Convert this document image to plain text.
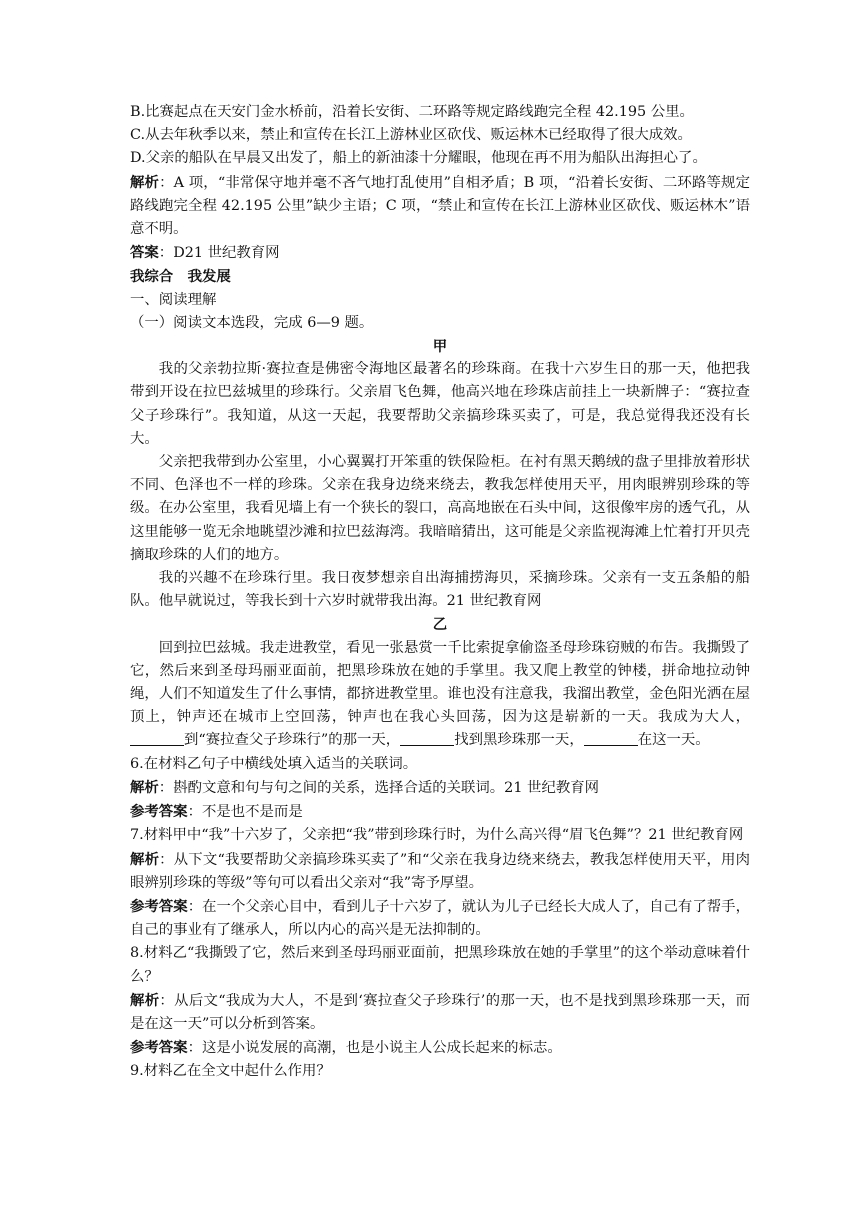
B.比赛起点在天安门金水桥前，沿着长安街、二环路等规定路线跑完全程 42.195 公里。

C.从去年秋季以来，禁止和宣传在长江上游林业区砍伐、贩运林木已经取得了很大成效。

D.父亲的船队在早晨又出发了，船上的新油漆十分耀眼，他现在再不用为船队出海担心了。

解析：A 项，“非常保守地并毫不吝气地打乱使用”自相矛盾；B 项，“沿着长安街、二环路等规定路线跑完全程 42.195 公里”缺少主语；C 项，“禁止和宣传在长江上游林业区砍伐、贩运林木”语意不明。

答案：D21 世纪教育网

我综合　我发展

一、阅读理解

（一）阅读文本选段，完成 6—9 题。

甲

我的父亲勃拉斯·赛拉查是佛密令海地区最著名的珍珠商。在我十六岁生日的那一天，他把我带到开设在拉巴兹城里的珍珠行。父亲眉飞色舞，他高兴地在珍珠店前挂上一块新牌子：“赛拉查父子珍珠行”。我知道，从这一天起，我要帮助父亲搞珍珠买卖了，可是，我总觉得我还没有长大。

父亲把我带到办公室里，小心翼翼打开笨重的铁保险柜。在衬有黑天鹅绒的盘子里排放着形状不同、色泽也不一样的珍珠。父亲在我身边绕来绕去，教我怎样使用天平，用肉眼辨别珍珠的等级。在办公室里，我看见墙上有一个狭长的裂口，高高地嵌在石头中间，这很像牢房的透气孔，从这里能够一览无余地眺望沙滩和拉巴兹海湾。我暗暗猜出，这可能是父亲监视海滩上忙着打开贝壳摘取珍珠的人们的地方。

我的兴趣不在珍珠行里。我日夜梦想亲自出海捕捞海贝，采摘珍珠。父亲有一支五条船的船队。他早就说过，等我长到十六岁时就带我出海。21 世纪教育网

乙

回到拉巴兹城。我走进教堂，看见一张悬赏一千比索捉拿偷盗圣母珍珠窃贼的布告。我撕毁了它，然后来到圣母玛丽亚面前，把黑珍珠放在她的手掌里。我又爬上教堂的钟楼，拼命地拉动钟绳，人们不知道发生了什么事情，都挤进教堂里。谁也没有注意我，我溜出教堂，金色阳光洒在屋顶上，钟声还在城市上空回荡，钟声也在我心头回荡，因为这是崭新的一天。我成为大人，到“赛拉查父子珍珠行”的那一天，	找到黑珍珠那一天，	在这一天。

6.在材料乙句子中横线处填入适当的关联词。

解析：斟酌文意和句与句之间的关系，选择合适的关联词。21 世纪教育网

参考答案：不是也不是而是

7.材料甲中“我”十六岁了，父亲把“我”带到珍珠行时，为什么高兴得“眉飞色舞”？21 世纪教育网

解析：从下文“我要帮助父亲搞珍珠买卖了”和“父亲在我身边绕来绕去，教我怎样使用天平，用肉眼辨别珍珠的等级”等句可以看出父亲对“我”寄予厚望。

参考答案：在一个父亲心目中，看到儿子十六岁了，就认为儿子已经长大成人了，自己有了帮手，自己的事业有了继承人，所以内心的高兴是无法抑制的。

8.材料乙“我撕毁了它，然后来到圣母玛丽亚面前，把黑珍珠放在她的手掌里”的这个举动意味着什么？

解析：从后文“我成为大人，不是到‘赛拉查父子珍珠行’的那一天，也不是找到黑珍珠那一天，而是在这一天”可以分析到答案。

参考答案：这是小说发展的高潮，也是小说主人公成长起来的标志。

9.材料乙在全文中起什么作用？
